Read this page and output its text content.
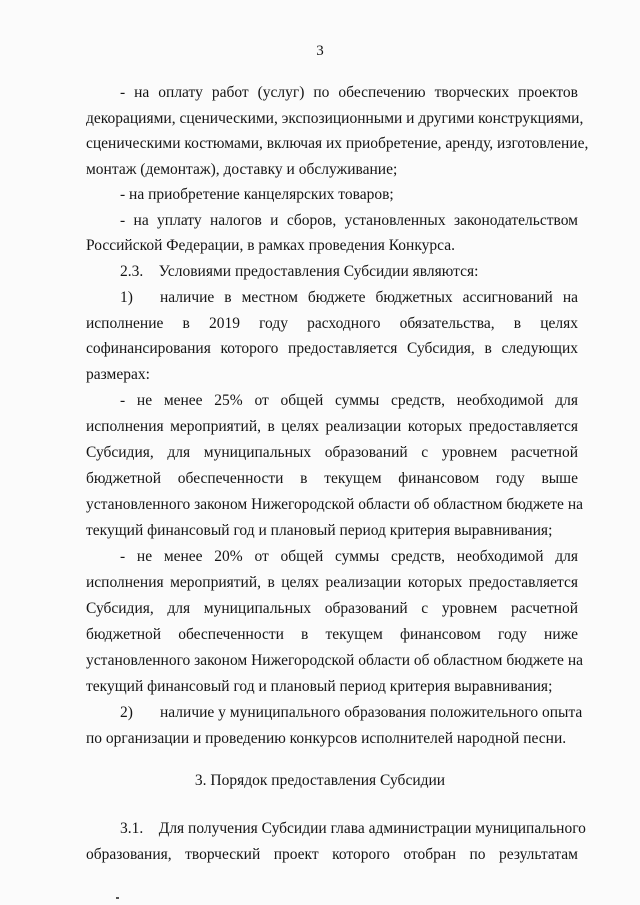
3
- на оплату работ (услуг) по обеспечению творческих проектов
декорациями, сценическими, экспозиционными и другими конструкциями,
сценическими костюмами, включая их приобретение, аренду, изготовление,
монтаж (демонтаж), доставку и обслуживание;
- на приобретение канцелярских товаров;
- на уплату налогов и сборов, установленных законодательством
Российской Федерации, в рамках проведения Конкурса.
2.3. Условиями предоставления Субсидии являются:
1) наличие в местном бюджете бюджетных ассигнований на
исполнение в 2019 году расходного обязательства, в целях
софинансирования которого предоставляется Субсидия, в следующих
размерах:
- не менее 25% от общей суммы средств, необходимой для
исполнения мероприятий, в целях реализации которых предоставляется
Субсидия, для муниципальных образований с уровнем расчетной
бюджетной обеспеченности в текущем финансовом году выше
установленного законом Нижегородской области об областном бюджете на
текущий финансовый год и плановый период критерия выравнивания;
- не менее 20% от общей суммы средств, необходимой для
исполнения мероприятий, в целях реализации которых предоставляется
Субсидия, для муниципальных образований с уровнем расчетной
бюджетной обеспеченности в текущем финансовом году ниже
установленного законом Нижегородской области об областном бюджете на
текущий финансовый год и плановый период критерия выравнивания;
2) наличие у муниципального образования положительного опыта
по организации и проведению конкурсов исполнителей народной песни.
3. Порядок предоставления Субсидии
3.1. Для получения Субсидии глава администрации муниципального
образования, творческий проект которого отобран по результатам
